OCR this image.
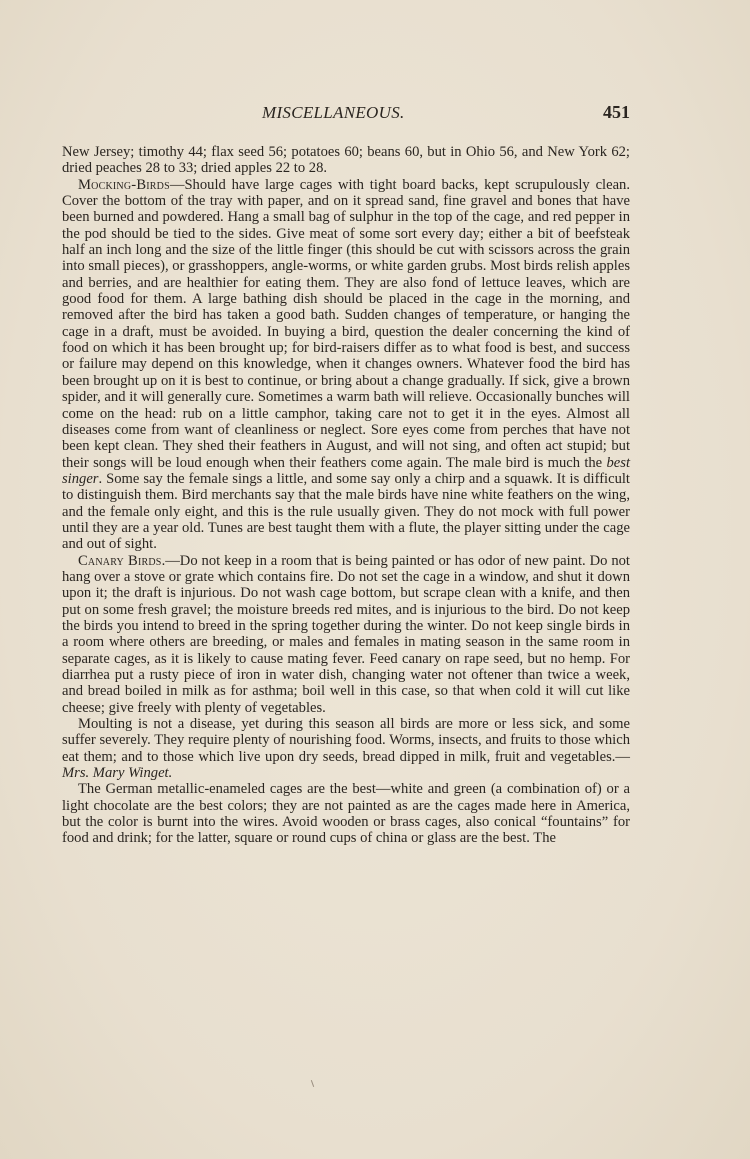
MISCELLANEOUS.	451

New Jersey; timothy 44; flax seed 56; potatoes 60; beans 60, but in Ohio 56, and New York 62; dried peaches 28 to 33; dried apples 22 to 28.

Mocking-Birds—Should have large cages with tight board backs, kept scrupulously clean. Cover the bottom of the tray with paper, and on it spread sand, fine gravel and bones that have been burned and powdered. Hang a small bag of sulphur in the top of the cage, and red pepper in the pod should be tied to the sides. Give meat of some sort every day; either a bit of beefsteak half an inch long and the size of the little finger (this should be cut with scissors across the grain into small pieces), or grasshoppers, angle-worms, or white garden grubs. Most birds relish apples and berries, and are healthier for eating them. They are also fond of lettuce leaves, which are good food for them. A large bathing dish should be placed in the cage in the morning, and removed after the bird has taken a good bath. Sudden changes of temperature, or hanging the cage in a draft, must be avoided. In buying a bird, question the dealer concerning the kind of food on which it has been brought up; for bird-raisers differ as to what food is best, and success or failure may depend on this knowledge, when it changes owners. Whatever food the bird has been brought up on it is best to continue, or bring about a change gradually. If sick, give a brown spider, and it will generally cure. Sometimes a warm bath will relieve. Occasionally bunches will come on the head: rub on a little camphor, taking care not to get it in the eyes. Almost all diseases come from want of cleanliness or neglect. Sore eyes come from perches that have not been kept clean. They shed their feathers in August, and will not sing, and often act stupid; but their songs will be loud enough when their feathers come again. The male bird is much the best singer. Some say the female sings a little, and some say only a chirp and a squawk. It is difficult to distinguish them. Bird merchants say that the male birds have nine white feathers on the wing, and the female only eight, and this is the rule usually given. They do not mock with full power until they are a year old. Tunes are best taught them with a flute, the player sitting under the cage and out of sight.

Canary Birds.—Do not keep in a room that is being painted or has odor of new paint. Do not hang over a stove or grate which contains fire. Do not set the cage in a window, and shut it down upon it; the draft is injurious. Do not wash cage bottom, but scrape clean with a knife, and then put on some fresh gravel; the moisture breeds red mites, and is injurious to the bird. Do not keep the birds you intend to breed in the spring together during the winter. Do not keep single birds in a room where others are breeding, or males and females in mating season in the same room in separate cages, as it is likely to cause mating fever. Feed canary on rape seed, but no hemp. For diarrhea put a rusty piece of iron in water dish, changing water not oftener than twice a week, and bread boiled in milk as for asthma; boil well in this case, so that when cold it will cut like cheese; give freely with plenty of vegetables.

Moulting is not a disease, yet during this season all birds are more or less sick, and some suffer severely. They require plenty of nourishing food. Worms, insects, and fruits to those which eat them; and to those which live upon dry seeds, bread dipped in milk, fruit and vegetables.—Mrs. Mary Winget.

The German metallic-enameled cages are the best—white and green (a combination of) or a light chocolate are the best colors; they are not painted as are the cages made here in America, but the color is burnt into the wires. Avoid wooden or brass cages, also conical “fountains” for food and drink; for the latter, square or round cups of china or glass are the best. The
